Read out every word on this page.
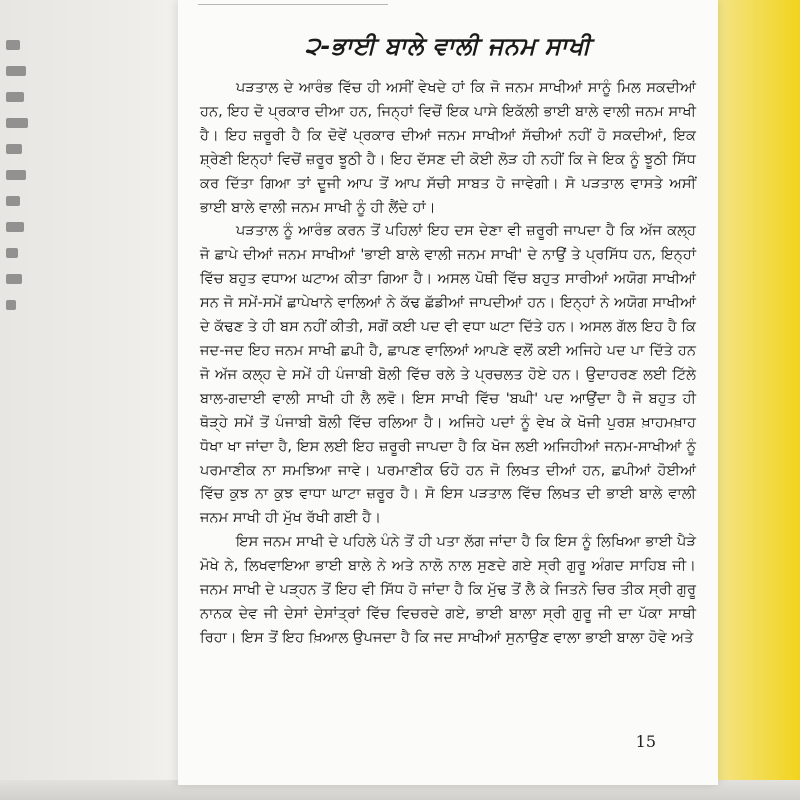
੨-ਭਾਈ ਬਾਲੇ ਵਾਲੀ ਜਨਮ ਸਾਖੀ

ਪੜਤਾਲ ਦੇ ਆਰੰਭ ਵਿੱਚ ਹੀ ਅਸੀਂ ਵੇਖਦੇ ਹਾਂ ਕਿ ਜੋ ਜਨਮ ਸਾਖੀਆਂ ਸਾਨੂੰ ਮਿਲ ਸਕਦੀਆਂ ਹਨ, ਇਹ ਦੋ ਪ੍ਰਕਾਰ ਦੀਆ ਹਨ, ਜਿਨ੍ਹਾਂ ਵਿਚੋਂ ਇਕ ਪਾਸੇ ਇਕੱਲੀ ਭਾਈ ਬਾਲੇ ਵਾਲੀ ਜਨਮ ਸਾਖੀ ਹੈ। ਇਹ ਜ਼ਰੂਰੀ ਹੈ ਕਿ ਦੋਵੇਂ ਪ੍ਰਕਾਰ ਦੀਆਂ ਜਨਮ ਸਾਖੀਆਂ ਸੱਚੀਆਂ ਨਹੀਂ ਹੋ ਸਕਦੀਆਂ, ਇਕ ਸ਼੍ਰੇਣੀ ਇਨ੍ਹਾਂ ਵਿਚੋਂ ਜ਼ਰੂਰ ਝੂਠੀ ਹੈ। ਇਹ ਦੱਸਣ ਦੀ ਕੋਈ ਲੋੜ ਹੀ ਨਹੀਂ ਕਿ ਜੇ ਇਕ ਨੂੰ ਝੂਠੀ ਸਿੱਧ ਕਰ ਦਿੱਤਾ ਗਿਆ ਤਾਂ ਦੂਜੀ ਆਪ ਤੋਂ ਆਪ ਸੱਚੀ ਸਾਬਤ ਹੋ ਜਾਵੇਗੀ। ਸੋ ਪੜਤਾਲ ਵਾਸਤੇ ਅਸੀਂ ਭਾਈ ਬਾਲੇ ਵਾਲੀ ਜਨਮ ਸਾਖੀ ਨੂੰ ਹੀ ਲੈਂਦੇ ਹਾਂ।

ਪੜਤਾਲ ਨੂੰ ਆਰੰਭ ਕਰਨ ਤੋਂ ਪਹਿਲਾਂ ਇਹ ਦਸ ਦੇਣਾ ਵੀ ਜ਼ਰੂਰੀ ਜਾਪਦਾ ਹੈ ਕਿ ਅੱਜ ਕਲ੍ਹ ਜੋ ਛਾਪੇ ਦੀਆਂ ਜਨਮ ਸਾਖੀਆਂ 'ਭਾਈ ਬਾਲੇ ਵਾਲੀ ਜਨਮ ਸਾਖੀ' ਦੇ ਨਾਉਂ ਤੇ ਪ੍ਰਸਿੱਧ ਹਨ, ਇਨ੍ਹਾਂ ਵਿੱਚ ਬਹੁਤ ਵਧਾਅ ਘਟਾਅ ਕੀਤਾ ਗਿਆ ਹੈ। ਅਸਲ ਪੋਥੀ ਵਿੱਚ ਬਹੁਤ ਸਾਰੀਆਂ ਅਯੋਗ ਸਾਖੀਆਂ ਸਨ ਜੋ ਸਮੇਂ-ਸਮੇਂ ਛਾਪੇਖਾਨੇ ਵਾਲਿਆਂ ਨੇ ਕੱਢ ਛੱਡੀਆਂ ਜਾਪਦੀਆਂ ਹਨ। ਇਨ੍ਹਾਂ ਨੇ ਅਯੋਗ ਸਾਖੀਆਂ ਦੇ ਕੱਢਣ ਤੇ ਹੀ ਬਸ ਨਹੀਂ ਕੀਤੀ, ਸਗੋਂ ਕਈ ਪਦ ਵੀ ਵਧਾ ਘਟਾ ਦਿੱਤੇ ਹਨ। ਅਸਲ ਗੱਲ ਇਹ ਹੈ ਕਿ ਜਦ-ਜਦ ਇਹ ਜਨਮ ਸਾਖੀ ਛਪੀ ਹੈ, ਛਾਪਣ ਵਾਲਿਆਂ ਆਪਣੇ ਵਲੋਂ ਕਈ ਅਜਿਹੇ ਪਦ ਪਾ ਦਿੱਤੇ ਹਨ ਜੋ ਅੱਜ ਕਲ੍ਹ ਦੇ ਸਮੇਂ ਹੀ ਪੰਜਾਬੀ ਬੋਲੀ ਵਿੱਚ ਰਲੇ ਤੇ ਪ੍ਰਚਲਤ ਹੋਏ ਹਨ। ਉਦਾਹਰਣ ਲਈ ਟਿੱਲੇ ਬਾਲ-ਗਦਾਈ ਵਾਲੀ ਸਾਖੀ ਹੀ ਲੈ ਲਵੋ। ਇਸ ਸਾਖੀ ਵਿੱਚ 'ਬਘੀ' ਪਦ ਆਉਂਦਾ ਹੈ ਜੋ ਬਹੁਤ ਹੀ ਥੋੜ੍ਹੇ ਸਮੇਂ ਤੋਂ ਪੰਜਾਬੀ ਬੋਲੀ ਵਿੱਚ ਰਲਿਆ ਹੈ। ਅਜਿਹੇ ਪਦਾਂ ਨੂੰ ਵੇਖ ਕੇ ਖੋਜੀ ਪੁਰਸ਼ ਖ਼ਾਹਮਖ਼ਾਹ ਧੋਖਾ ਖਾ ਜਾਂਦਾ ਹੈ, ਇਸ ਲਈ ਇਹ ਜ਼ਰੂਰੀ ਜਾਪਦਾ ਹੈ ਕਿ ਖੋਜ ਲਈ ਅਜਿਹੀਆਂ ਜਨਮ-ਸਾਖੀਆਂ ਨੂੰ ਪਰਮਾਣੀਕ ਨਾ ਸਮਝਿਆ ਜਾਵੇ। ਪਰਮਾਣੀਕ ਓਹੋ ਹਨ ਜੋ ਲਿਖਤ ਦੀਆਂ ਹਨ, ਛਪੀਆਂ ਹੋਈਆਂ ਵਿੱਚ ਕੁਝ ਨਾ ਕੁਝ ਵਾਧਾ ਘਾਟਾ ਜ਼ਰੂਰ ਹੈ। ਸੋ ਇਸ ਪੜਤਾਲ ਵਿੱਚ ਲਿਖਤ ਦੀ ਭਾਈ ਬਾਲੇ ਵਾਲੀ ਜਨਮ ਸਾਖੀ ਹੀ ਮੁੱਖ ਰੱਖੀ ਗਈ ਹੈ।

ਇਸ ਜਨਮ ਸਾਖੀ ਦੇ ਪਹਿਲੇ ਪੰਨੇ ਤੋਂ ਹੀ ਪਤਾ ਲੱਗ ਜਾਂਦਾ ਹੈ ਕਿ ਇਸ ਨੂੰ ਲਿਖਿਆ ਭਾਈ ਪੈੜੇ ਮੋਖੇ ਨੇ, ਲਿਖਵਾਇਆ ਭਾਈ ਬਾਲੇ ਨੇ ਅਤੇ ਨਾਲੋ ਨਾਲ ਸੁਣਦੇ ਗਏ ਸ੍ਰੀ ਗੁਰੂ ਅੰਗਦ ਸਾਹਿਬ ਜੀ। ਜਨਮ ਸਾਖੀ ਦੇ ਪੜ੍ਹਨ ਤੋਂ ਇਹ ਵੀ ਸਿੱਧ ਹੋ ਜਾਂਦਾ ਹੈ ਕਿ ਮੁੱਢ ਤੋਂ ਲੈ ਕੇ ਜਿਤਨੇ ਚਿਰ ਤੀਕ ਸ੍ਰੀ ਗੁਰੂ ਨਾਨਕ ਦੇਵ ਜੀ ਦੇਸਾਂ ਦੇਸਾਂਤ੍ਰਾਂ ਵਿੱਚ ਵਿਚਰਦੇ ਗਏ, ਭਾਈ ਬਾਲਾ ਸ੍ਰੀ ਗੁਰੂ ਜੀ ਦਾ ਪੱਕਾ ਸਾਥੀ ਰਿਹਾ। ਇਸ ਤੋਂ ਇਹ ਖ਼ਿਆਲ ਉਪਜਦਾ ਹੈ ਕਿ ਜਦ ਸਾਖੀਆਂ ਸੁਨਾਉਣ ਵਾਲਾ ਭਾਈ ਬਾਲਾ ਹੋਵੇ ਅਤੇ

15
